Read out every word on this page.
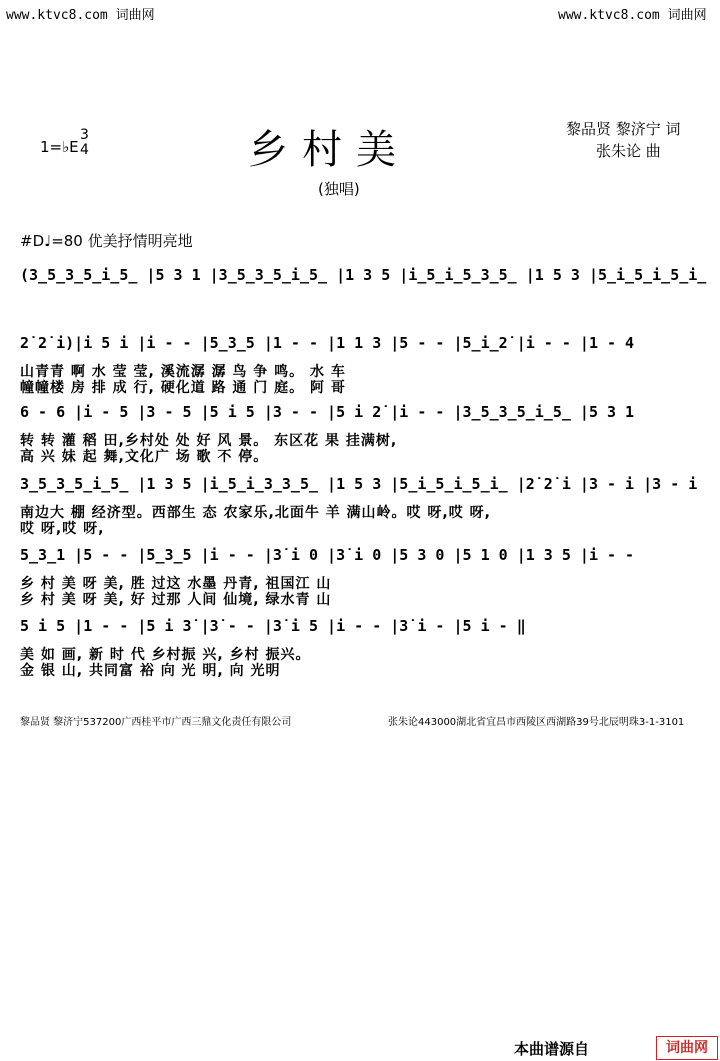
www.ktvc8.com 词曲网	www.ktvc8.com 词曲网
1=♭E
3
4	乡村美
(独唱)
黎品贤 黎济宁 词
张朱论 曲
#D♩=80 优美抒情明亮地
(3̲5̲3̲5̲i̲5̲ |5 3 1 |3̲5̲3̲5̲i̲5̲ |1 3 5 |i̲5̲i̲5̲3̲5̲ |1 5 3 |5̲i̲5̲i̲5̲i̲
2̇ 2̇ i)|i 5 i |i - - |5̲3̲5 |1 - - |1 1 3 |5 - - |5̲i̲2̇ |i - - |1 - 4
山青青 啊 水 莹 莹, 溪流潺 潺 鸟 争 鸣。 水 车
幢幢楼 房 排 成 行, 硬化道 路 通 门 庭。 阿 哥
6 - 6 |i - 5 |3 - 5 |5 i 5 |3 - - |5 i 2̇ |i - - |3̲5̲3̲5̲i̲5̲ |5 3 1
转 转 灌 稻 田,乡村处 处 好 风 景。 东区花 果 挂满树,
高 兴 妹 起 舞,文化广 场 歌 不 停。
3̲5̲3̲5̲i̲5̲ |1 3 5 |i̲5̲i̲3̲3̲5̲ |1 5 3 |5̲i̲5̲i̲5̲i̲ |2̇ 2̇ i |3 - i |3 - i
南边大 棚 经济型。西部生 态 农家乐,北面牛 羊 满山岭。哎 呀,哎 呀,
哎 呀,哎 呀,
5̲3̲1 |5 - - |5̲3̲5 |i - - |3̇ i 0 |3̇ i 0 |5 3 0 |5 1 0 |1 3 5 |i - -
乡 村 美 呀 美, 胜 过这 水墨 丹青, 祖国江 山
乡 村 美 呀 美, 好 过那 人间 仙境, 绿水青 山
5 i 5 |1 - - |5 i 3̇ |3̇ - - |3̇ i 5 |i - - |3̇ i - |5 i - ‖
美 如 画, 新 时 代 乡村振 兴, 乡村 振兴。
金 银 山, 共同富 裕 向 光 明, 向 光明
黎品贤 黎济宁537200广西桂平市广西三鼎文化责任有限公司	张朱论443000湖北省宜昌市西陵区西湖路39号北辰明珠3-1-3101
本曲谱源自	词曲网
